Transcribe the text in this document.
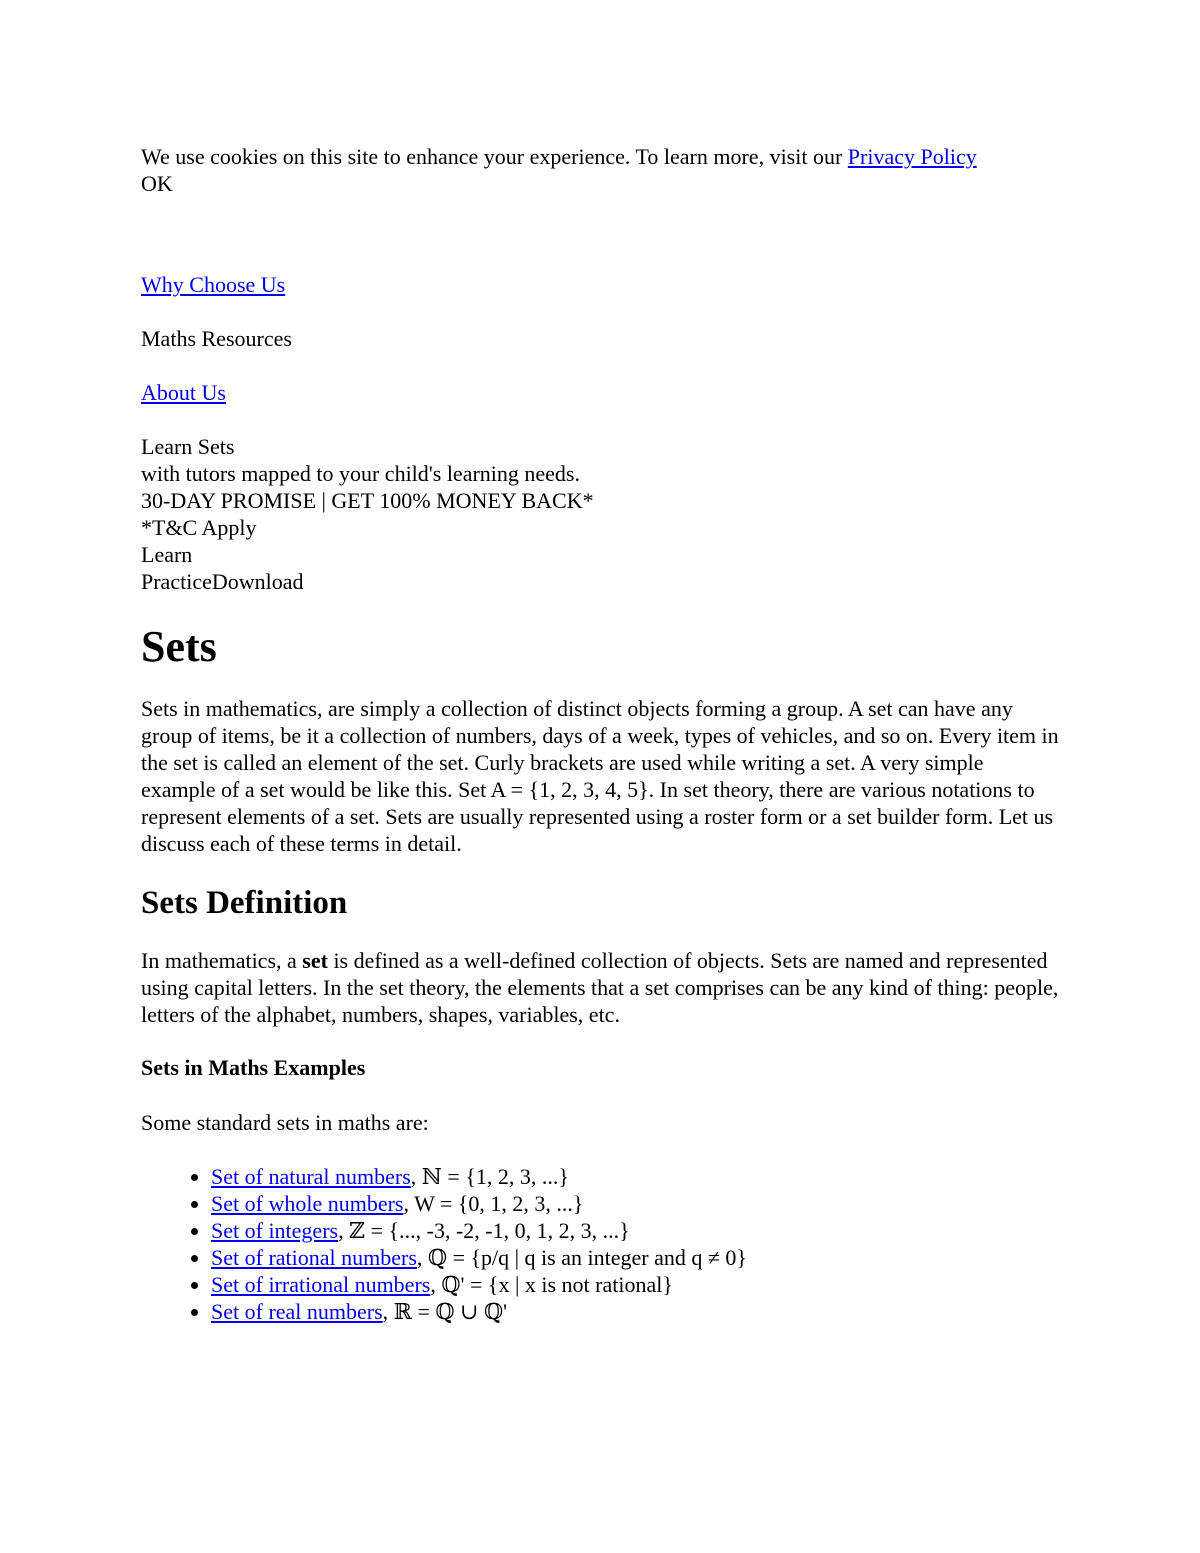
We use cookies on this site to enhance your experience. To learn more, visit our Privacy Policy

OK

Why Choose Us

Maths Resources

About Us

Learn Sets

with tutors mapped to your child's learning needs.

30-DAY PROMISE | GET 100% MONEY BACK*

*T&C Apply

Learn

PracticeDownload

Sets

Sets in mathematics, are simply a collection of distinct objects forming a group. A set can have any group of items, be it a collection of numbers, days of a week, types of vehicles, and so on. Every item in the set is called an element of the set. Curly brackets are used while writing a set. A very simple example of a set would be like this. Set A = {1, 2, 3, 4, 5}. In set theory, there are various notations to represent elements of a set. Sets are usually represented using a roster form or a set builder form. Let us discuss each of these terms in detail.

Sets Definition

In mathematics, a set is defined as a well-defined collection of objects. Sets are named and represented using capital letters. In the set theory, the elements that a set comprises can be any kind of thing: people, letters of the alphabet, numbers, shapes, variables, etc.

Sets in Maths Examples

Some standard sets in maths are:

• Set of natural numbers, ℕ = {1, 2, 3, ...}
• Set of whole numbers, W = {0, 1, 2, 3, ...}
• Set of integers, ℤ = {..., -3, -2, -1, 0, 1, 2, 3, ...}
• Set of rational numbers, ℚ = {p/q | q is an integer and q ≠ 0}
• Set of irrational numbers, ℚ' = {x | x is not rational}
• Set of real numbers, ℝ = ℚ ∪ ℚ'
